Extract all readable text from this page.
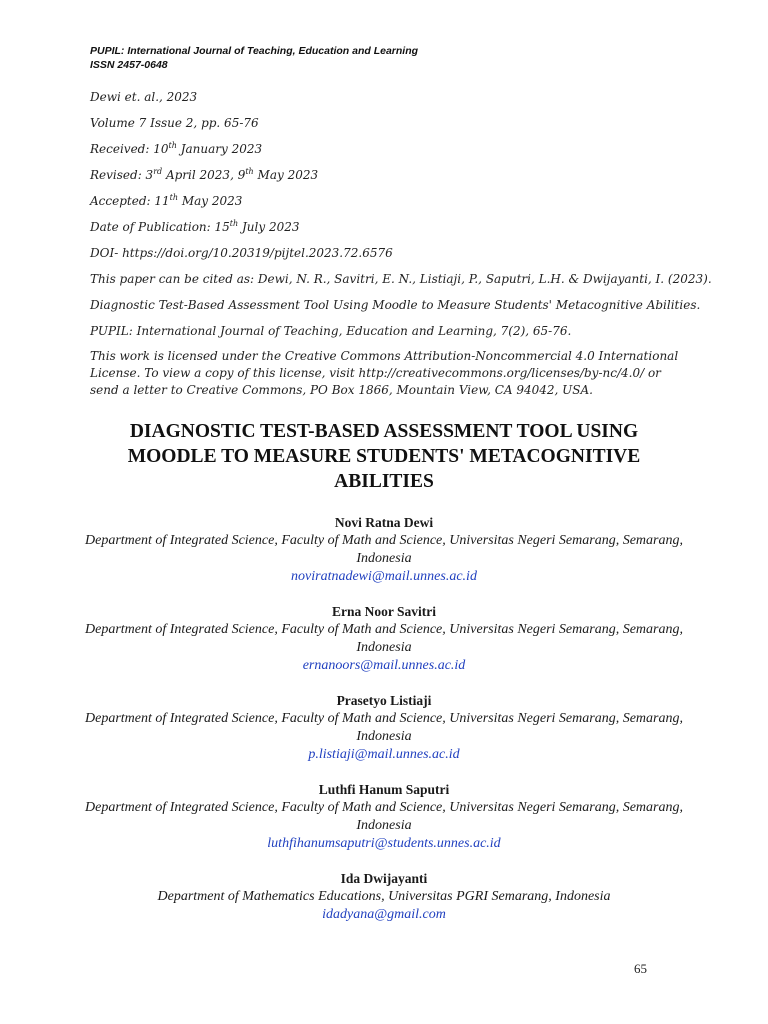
PUPIL: International Journal of Teaching, Education and Learning
ISSN 2457-0648
Dewi et. al., 2023
Volume 7 Issue 2, pp. 65-76
Received: 10th January 2023
Revised: 3rd April 2023, 9th May 2023
Accepted: 11th May 2023
Date of Publication: 15th July 2023
DOI- https://doi.org/10.20319/pijtel.2023.72.6576
This paper can be cited as: Dewi, N. R., Savitri, E. N., Listiaji, P., Saputri, L.H. & Dwijayanti, I. (2023).
Diagnostic Test-Based Assessment Tool Using Moodle to Measure Students' Metacognitive Abilities.
PUPIL: International Journal of Teaching, Education and Learning, 7(2), 65-76.
This work is licensed under the Creative Commons Attribution-Noncommercial 4.0 International License. To view a copy of this license, visit http://creativecommons.org/licenses/by-nc/4.0/ or send a letter to Creative Commons, PO Box 1866, Mountain View, CA 94042, USA.
DIAGNOSTIC TEST-BASED ASSESSMENT TOOL USING MOODLE TO MEASURE STUDENTS' METACOGNITIVE ABILITIES
Novi Ratna Dewi
Department of Integrated Science, Faculty of Math and Science, Universitas Negeri Semarang, Semarang, Indonesia
noviratnadewi@mail.unnes.ac.id
Erna Noor Savitri
Department of Integrated Science, Faculty of Math and Science, Universitas Negeri Semarang, Semarang, Indonesia
ernanoors@mail.unnes.ac.id
Prasetyo Listiaji
Department of Integrated Science, Faculty of Math and Science, Universitas Negeri Semarang, Semarang, Indonesia
p.listiaji@mail.unnes.ac.id
Luthfi Hanum Saputri
Department of Integrated Science, Faculty of Math and Science, Universitas Negeri Semarang, Semarang, Indonesia
luthfihanumsaputri@students.unnes.ac.id
Ida Dwijayanti
Department of Mathematics Educations, Universitas PGRI Semarang, Indonesia
idadyana@gmail.com
65
